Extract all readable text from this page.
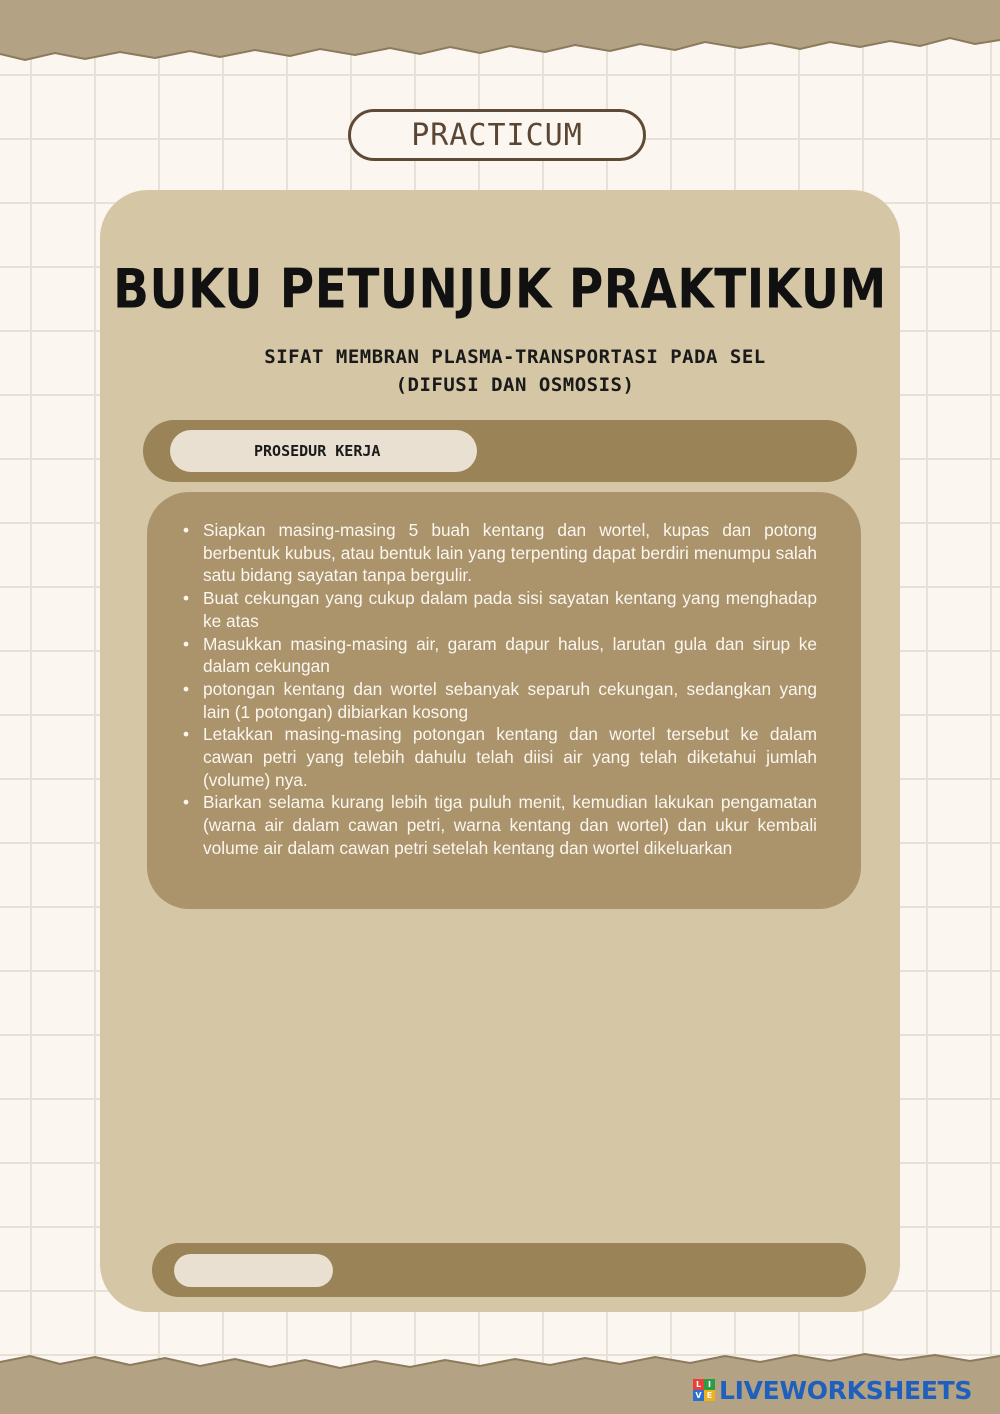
PRACTICUM
BUKU PETUNJUK PRAKTIKUM
SIFAT MEMBRAN PLASMA-TRANSPORTASI PADA SEL
(DIFUSI DAN OSMOSIS)
PROSEDUR KERJA
• Siapkan masing-masing 5 buah kentang dan wortel, kupas dan potong berbentuk kubus, atau bentuk lain yang terpenting dapat berdiri menumpu salah satu bidang sayatan tanpa bergulir.
• Buat cekungan yang cukup dalam pada sisi sayatan kentang yang menghadap ke atas
• Masukkan masing-masing air, garam dapur halus, larutan gula dan sirup ke dalam cekungan
• potongan kentang dan wortel sebanyak separuh cekungan, sedangkan yang lain (1 potongan) dibiarkan kosong
• Letakkan masing-masing potongan kentang dan wortel tersebut ke dalam cawan petri yang telebih dahulu telah diisi air yang telah diketahui jumlah (volume) nya.
• Biarkan selama kurang lebih tiga puluh menit, kemudian lakukan pengamatan (warna air dalam cawan petri, warna kentang dan wortel) dan ukur kembali volume air dalam cawan petri setelah kentang dan wortel dikeluarkan
L I
V E LIVEWORKSHEETS
